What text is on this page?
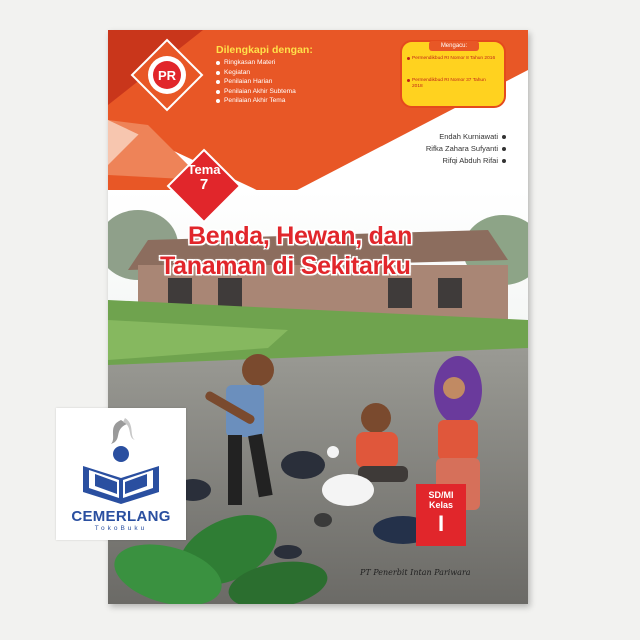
PR
Dilengkapi dengan:
Ringkasan Materi
Kegiatan
Penilaian Harian
Penilaian Akhir Subtema
Penilaian Akhir Tema
Mengacu:
Permendikbud RI Nomor 8 Tahun 2016
Permendikbud RI Nomor 37 Tahun 2018
Endah Kurniawati
Rifka Zahara Sufyanti
Rifqi Abduh Rifai
Tema
7
Benda, Hewan, dan
Tanaman di Sekitarku
SD/MI
Kelas
I
PT Penerbit Intan Pariwara
CEMERLANG
TokoBuku
